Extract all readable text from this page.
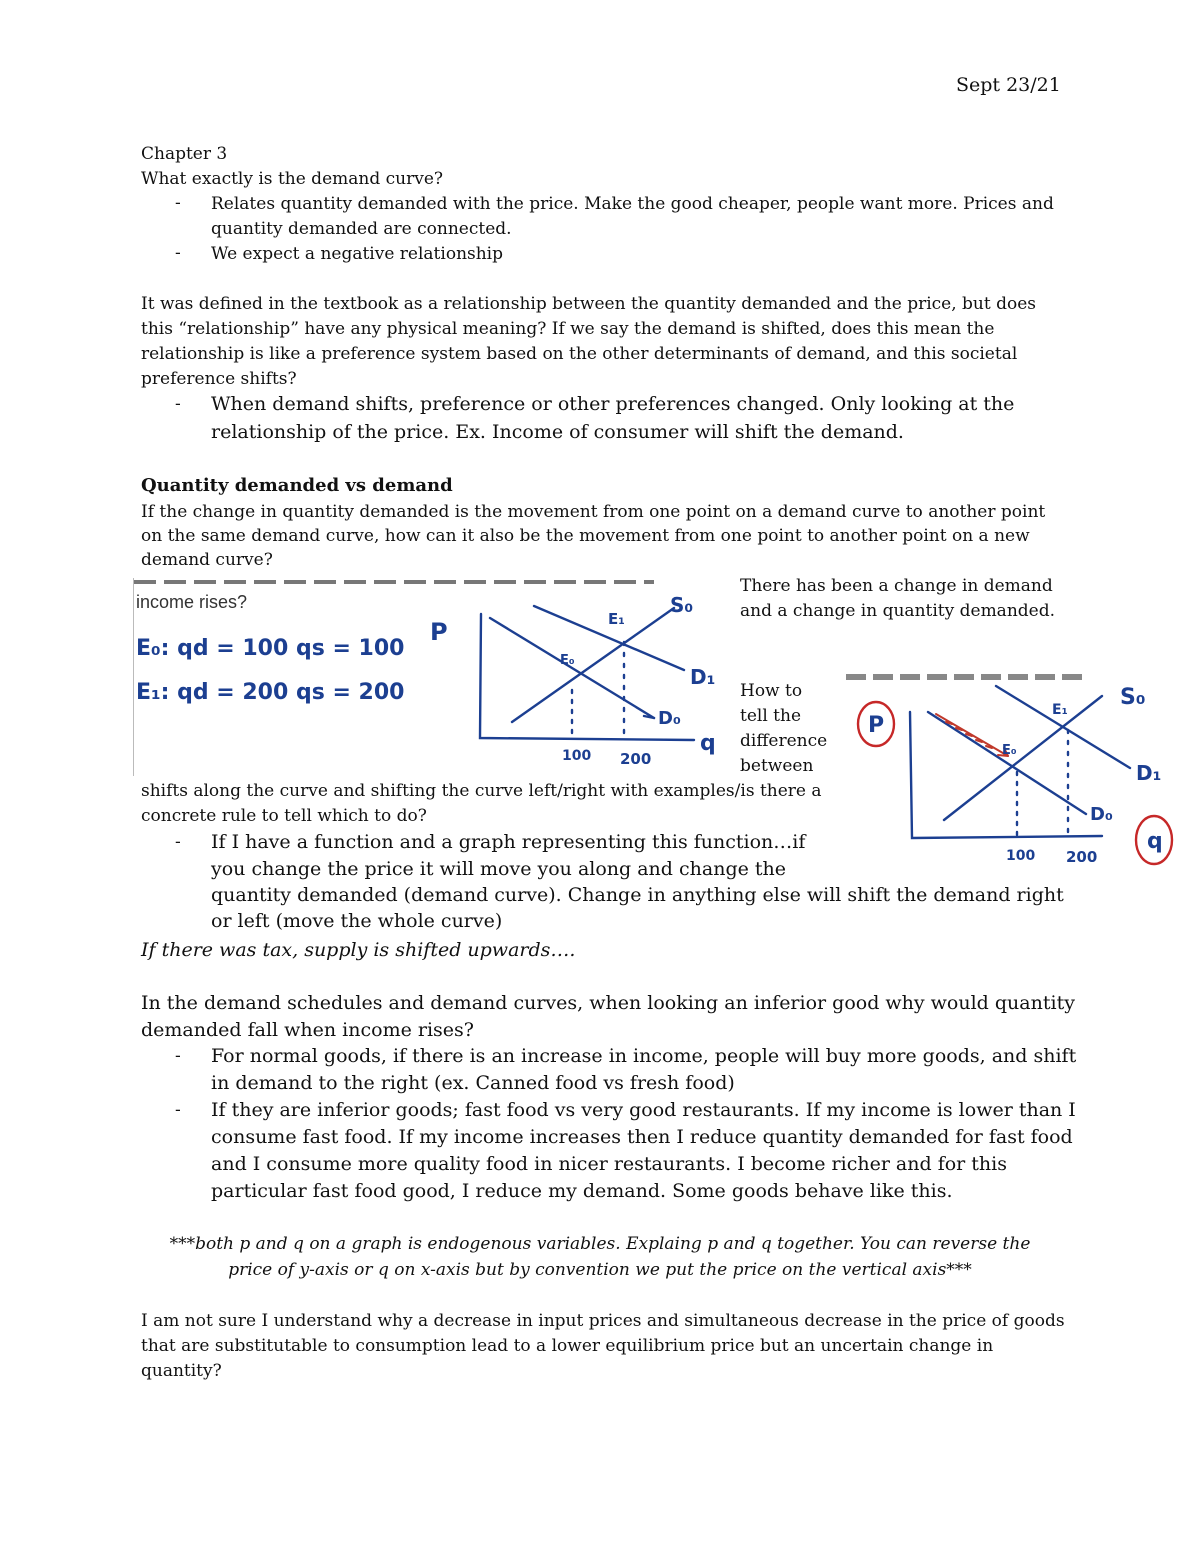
Sept 23/21
Chapter 3
What exactly is the demand curve?
- Relates quantity demanded with the price. Make the good cheaper, people want more. Prices and
quantity demanded are connected.
- We expect a negative relationship
It was defined in the textbook as a relationship between the quantity demanded and the price, but does
this “relationship” have any physical meaning? If we say the demand is shifted, does this mean the
relationship is like a preference system based on the other determinants of demand, and this societal
preference shifts?
- When demand shifts, preference or other preferences changed. Only looking at the
relationship of the price. Ex. Income of consumer will shift the demand.
Quantity demanded vs demand
If the change in quantity demanded is the movement from one point on a demand curve to another point
on the same demand curve, how can it also be the movement from one point to another point on a new
demand curve?
income rises?
E₀: qd = 100 qs = 100
E₁: qd = 200 qs = 200
P
q
S₀
D₁
D₀
E₀
E₁
100 200
There has been a change in demand
and a change in quantity demanded.
How to
tell the
difference
between
P
q
S₀
D₁
D₀
E₀
E₁
100 200
shifts along the curve and shifting the curve left/right with examples/is there a
concrete rule to tell which to do?
- If I have a function and a graph representing this function…if
you change the price it will move you along and change the
quantity demanded (demand curve). Change in anything else will shift the demand right
or left (move the whole curve)
If there was tax, supply is shifted upwards….
In the demand schedules and demand curves, when looking an inferior good why would quantity
demanded fall when income rises?
- For normal goods, if there is an increase in income, people will buy more goods, and shift
in demand to the right (ex. Canned food vs fresh food)
- If they are inferior goods; fast food vs very good restaurants. If my income is lower than I
consume fast food. If my income increases then I reduce quantity demanded for fast food
and I consume more quality food in nicer restaurants. I become richer and for this
particular fast food good, I reduce my demand. Some goods behave like this.
***both p and q on a graph is endogenous variables. Explaing p and q together. You can reverse the
price of y-axis or q on x-axis but by convention we put the price on the vertical axis***
I am not sure I understand why a decrease in input prices and simultaneous decrease in the price of goods
that are substitutable to consumption lead to a lower equilibrium price but an uncertain change in
quantity?
